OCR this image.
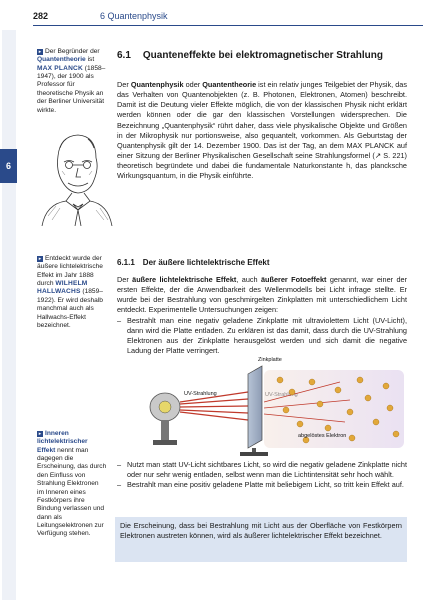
282	6 Quantenphysik
6
▸ Der Begründer der Quantentheorie ist MAX PLANCK (1858–1947), der 1900 als Professor für theoretische Physik an der Berliner Universität wirkte.
▸ Entdeckt wurde der äußere lichtelektrische Effekt im Jahr 1888 durch WILHELM HALLWACHS (1859–1922). Er wird deshalb manchmal auch als Hallwachs-Effekt bezeichnet.
▸ Inneren lichtelektrischer Effekt nennt man dagegen die Erscheinung, das durch den Einfluss von Strahlung Elektronen im Inneren eines Festkörpers ihre Bindung verlassen und dann als Leitungselektronen zur Verfügung stehen.
6.1 Quanteneffekte bei elektromagnetischer Strahlung
Der Quantenphysik oder Quantentheorie ist ein relativ junges Teilgebiet der Physik, das das Verhalten von Quantenobjekten (z. B. Photonen, Elektronen, Atomen) beschreibt. Damit ist die Deutung vieler Effekte möglich, die von der klassischen Physik nicht erklärt werden können oder die gar den klassischen Vorstellungen widersprechen. Die Bezeichnung „Quantenphysik“ rührt daher, dass viele physikalische Objekte und Größen in der Mikrophysik nur portionsweise, also gequantelt, vorkommen. Als Geburtstag der Quantenphysik gilt der 14. Dezember 1900. Das ist der Tag, an dem MAX PLANCK auf einer Sitzung der Berliner Physikalischen Gesellschaft seine Strahlungsformel (↗ S. 221) theoretisch begründete und dabei die fundamentale Naturkonstante h, das plancksche Wirkungsquantum, in die Physik einführte.
6.1.1 Der äußere lichtelektrische Effekt
Der äußere lichtelektrische Effekt, auch äußerer Fotoeffekt genannt, war einer der ersten Effekte, der die Anwendbarkeit des Wellenmodells bei Licht infrage stellte. Er wurde bei der Bestrahlung von geschmirgelten Zinkplatten mit unterschiedlichem Licht entdeckt. Experimentelle Untersuchungen zeigen:
– Bestrahlt man eine negativ geladene Zinkplatte mit ultraviolettem Licht (UV-Licht), dann wird die Platte entladen. Zu erklären ist das damit, dass durch die UV-Strahlung Elektronen aus der Zinkplatte herausgelöst werden und sich damit die negative Ladung der Platte verringert.
Zinkplatte
UV-Strahlung
abgelöstes Elektron
– Nutzt man statt UV-Licht sichtbares Licht, so wird die negativ geladene Zinkplatte nicht oder nur sehr wenig entladen, selbst wenn man die Lichtintensität sehr hoch wählt.
– Bestrahlt man eine positiv geladene Platte mit beliebigem Licht, so tritt kein Effekt auf.
Die Erscheinung, dass bei Bestrahlung mit Licht aus der Oberfläche von Festkörpern Elektronen austreten können, wird als äußerer lichtelektrischer Effekt bezeichnet.
